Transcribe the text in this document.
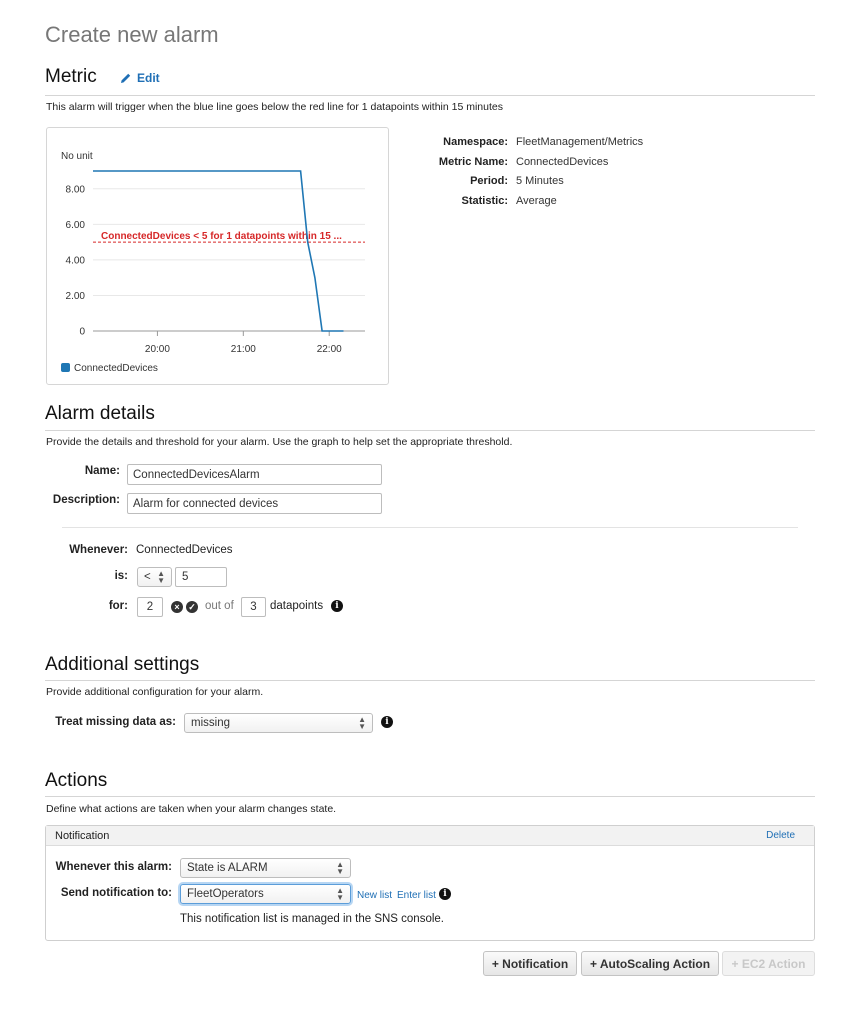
Create new alarm
Metric	Edit
This alarm will trigger when the blue line goes below the red line for 1 datapoints within 15 minutes
No unit
8.00
6.00
4.00
2.00
0
20:00	21:00	22:00
ConnectedDevices < 5 for 1 datapoints within 15 ...
ConnectedDevices
Namespace: FleetManagement/Metrics
Metric Name: ConnectedDevices
Period: 5 Minutes
Statistic: Average
Alarm details
Provide the details and threshold for your alarm. Use the graph to help set the appropriate threshold.
Name:
ConnectedDevicesAlarm
Description:
Alarm for connected devices
Whenever: ConnectedDevices
is: < ▲
▼ 5
for: 2	× ✓ out of 3 datapoints	i
Additional settings
Provide additional configuration for your alarm.
Treat missing data as: missing	▲
▼	i
Actions
Define what actions are taken when your alarm changes state.
Notification	Delete
Whenever this alarm: State is ALARM	▲
▼
Send notification to: FleetOperators	▲
▼ New list Enter list i
This notification list is managed in the SNS console.
+ Notification	+ AutoScaling Action	+ EC2 Action
